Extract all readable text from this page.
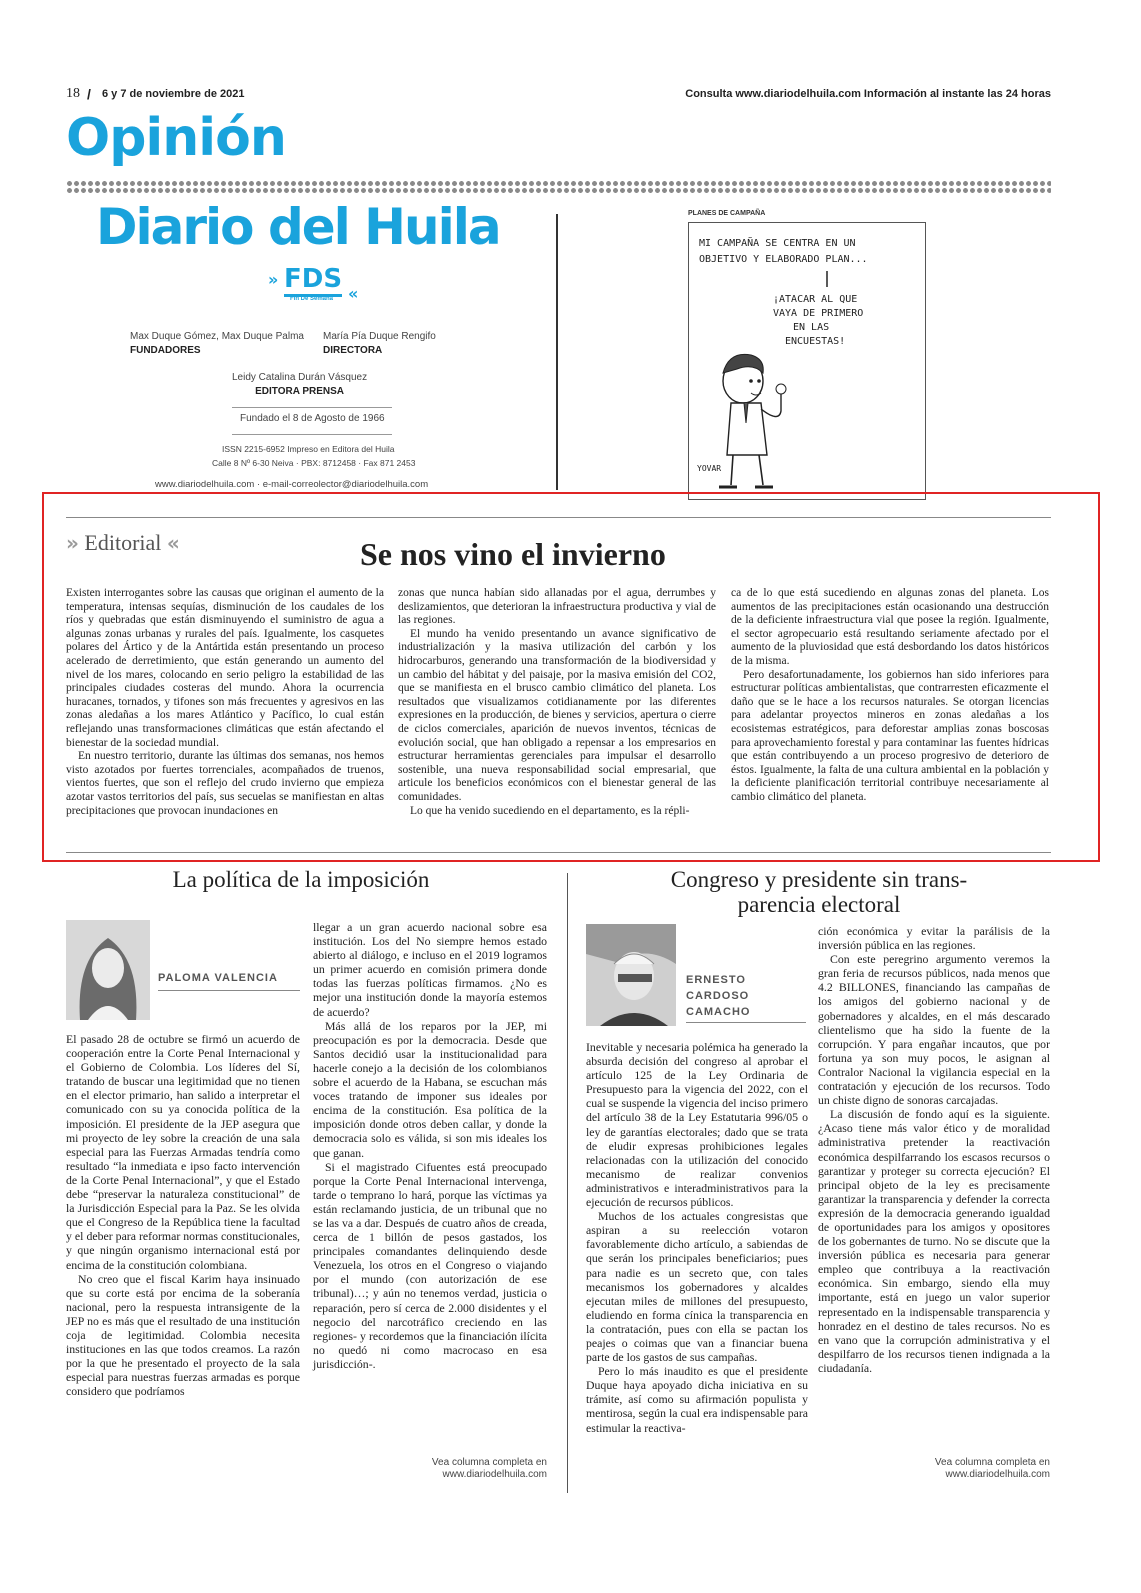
18 / 6 y 7 de noviembre de 2021	Consulta www.diariodelhuila.com Información al instante las 24 horas
Opinión
Diario del Huila
» FDS
Fin De Semana «
Max Duque Gómez, Max Duque Palma
FUNDADORES
María Pía Duque Rengifo
DIRECTORA
Leidy Catalina Durán Vásquez
EDITORA PRENSA
Fundado el 8 de Agosto de 1966
ISSN 2215-6952 Impreso en Editora del Huila
Calle 8 Nº 6-30 Neiva · PBX: 8712458 · Fax 871 2453
www.diariodelhuila.com · e-mail-correolector@diariodelhuila.com
PLANES DE CAMPAÑA
MI CAMPAÑA SE CENTRA EN UN
OBJETIVO Y ELABORADO PLAN...
¡ATACAR AL QUE
VAYA DE PRIMERO
EN LAS
ENCUESTAS!
YOVAR
» Editorial «	Se nos vino el invierno

Existen interrogantes sobre las causas que originan el aumento de la temperatura, intensas sequías, disminución de los caudales de los ríos y quebradas que están disminuyendo el suministro de agua a algunas zonas urbanas y rurales del país. Igualmente, los casquetes polares del Ártico y de la Antártida están presentando un proceso acelerado de derretimiento, que están generando un aumento del nivel de los mares, colocando en serio peligro la estabilidad de las principales ciudades costeras del mundo. Ahora la ocurrencia huracanes, tornados, y tifones son más frecuentes y agresivos en las zonas aledañas a los mares Atlántico y Pacífico, lo cual están reflejando unas transformaciones climáticas que están afectando el bienestar de la sociedad mundial.

En nuestro territorio, durante las últimas dos semanas, nos hemos visto azotados por fuertes torrenciales, acompañados de truenos, vientos fuertes, que son el reflejo del crudo invierno que empieza azotar vastos territorios del país, sus secuelas se manifiestan en altas precipitaciones que provocan inundaciones en

zonas que nunca habían sido allanadas por el agua, derrumbes y deslizamientos, que deterioran la infraestructura productiva y vial de las regiones.

El mundo ha venido presentando un avance significativo de industrialización y la masiva utilización del carbón y los hidrocarburos, generando una transformación de la biodiversidad y un cambio del hábitat y del paisaje, por la masiva emisión del CO2, que se manifiesta en el brusco cambio climático del planeta. Los resultados que visualizamos cotidianamente por las diferentes expresiones en la producción, de bienes y servicios, apertura o cierre de ciclos comerciales, aparición de nuevos inventos, técnicas de evolución social, que han obligado a repensar a los empresarios en estructurar herramientas gerenciales para impulsar el desarrollo sostenible, una nueva responsabilidad social empresarial, que articule los beneficios económicos con el bienestar general de las comunidades.

Lo que ha venido sucediendo en el departamento, es la répli-

ca de lo que está sucediendo en algunas zonas del planeta. Los aumentos de las precipitaciones están ocasionando una destrucción de la deficiente infraestructura vial que posee la región. Igualmente, el sector agropecuario está resultando seriamente afectado por el aumento de la pluviosidad que está desbordando los datos históricos de la misma.

Pero desafortunadamente, los gobiernos han sido inferiores para estructurar políticas ambientalistas, que contrarresten eficazmente el daño que se le hace a los recursos naturales. Se otorgan licencias para adelantar proyectos mineros en zonas aledañas a los ecosistemas estratégicos, para deforestar amplias zonas boscosas para aprovechamiento forestal y para contaminar las fuentes hídricas que están contribuyendo a un proceso progresivo de deterioro de éstos. Igualmente, la falta de una cultura ambiental en la población y la deficiente planificación territorial contribuye necesariamente al cambio climático del planeta.

La política de la imposición
PALOMA VALENCIA

El pasado 28 de octubre se firmó un acuerdo de cooperación entre la Corte Penal Internacional y el Gobierno de Colombia. Los líderes del Sí, tratando de buscar una legitimidad que no tienen en el elector primario, han salido a interpretar el comunicado con su ya conocida política de la imposición. El presidente de la JEP asegura que mi proyecto de ley sobre la creación de una sala especial para las Fuerzas Armadas tendría como resultado “la inmediata e ipso facto intervención de la Corte Penal Internacional”, y que el Estado debe “preservar la naturaleza constitucional” de la Jurisdicción Especial para la Paz. Se les olvida que el Congreso de la República tiene la facultad y el deber para reformar normas constitucionales, y que ningún organismo internacional está por encima de la constitución colombiana.

No creo que el fiscal Karim haya insinuado que su corte está por encima de la soberanía nacional, pero la respuesta intransigente de la JEP no es más que el resultado de una institución coja de legitimidad. Colombia necesita instituciones en las que todos creamos. La razón por la que he presentado el proyecto de la sala especial para nuestras fuerzas armadas es porque considero que podríamos

llegar a un gran acuerdo nacional sobre esa institución. Los del No siempre hemos estado abierto al diálogo, e incluso en el 2019 logramos un primer acuerdo en comisión primera donde todas las fuerzas políticas firmamos. ¿No es mejor una institución donde la mayoría estemos de acuerdo?

Más allá de los reparos por la JEP, mi preocupación es por la democracia. Desde que Santos decidió usar la institucionalidad para hacerle conejo a la decisión de los colombianos sobre el acuerdo de la Habana, se escuchan más voces tratando de imponer sus ideales por encima de la constitución. Esa política de la imposición donde otros deben callar, y donde la democracia solo es válida, si son mis ideales los que ganan.

Si el magistrado Cifuentes está preocupado porque la Corte Penal Internacional intervenga, tarde o temprano lo hará, porque las víctimas ya están reclamando justicia, de un tribunal que no se las va a dar. Después de cuatro años de creada, cerca de 1 billón de pesos gastados, los principales comandantes delinquiendo desde Venezuela, los otros en el Congreso o viajando por el mundo (con autorización de ese tribunal)…; y aún no tenemos verdad, justicia o reparación, pero sí cerca de 2.000 disidentes y el negocio del narcotráfico creciendo en las regiones- y recordemos que la financiación ilícita no quedó ni como macrocaso en esa jurisdicción-.

Vea columna completa en
www.diariodelhuila.com
Congreso y presidente sin trans-
parencia electoral
ERNESTO
CARDOSO
CAMACHO

Inevitable y necesaria polémica ha generado la absurda decisión del congreso al aprobar el artículo 125 de la Ley Ordinaria de Presupuesto para la vigencia del 2022, con el cual se suspende la vigencia del inciso primero del artículo 38 de la Ley Estatutaria 996/05 o ley de garantías electorales; dado que se trata de eludir expresas prohibiciones legales relacionadas con la utilización del conocido mecanismo de realizar convenios administrativos e interadministrativos para la ejecución de recursos públicos.

Muchos de los actuales congresistas que aspiran a su reelección votaron favorablemente dicho artículo, a sabiendas de que serán los principales beneficiarios; pues para nadie es un secreto que, con tales mecanismos los gobernadores y alcaldes ejecutan miles de millones del presupuesto, eludiendo en forma cínica la transparencia en la contratación, pues con ella se pactan los peajes o coimas que van a financiar buena parte de los gastos de sus campañas.

Pero lo más inaudito es que el presidente Duque haya apoyado dicha iniciativa en su trámite, así como su afirmación populista y mentirosa, según la cual era indispensable para estimular la reactiva-

ción económica y evitar la parálisis de la inversión pública en las regiones.

Con este peregrino argumento veremos la gran feria de recursos públicos, nada menos que 4.2 BILLONES, financiando las campañas de los amigos del gobierno nacional y de gobernadores y alcaldes, en el más descarado clientelismo que ha sido la fuente de la corrupción. Y para engañar incautos, que por fortuna ya son muy pocos, le asignan al Contralor Nacional la vigilancia especial en la contratación y ejecución de los recursos. Todo un chiste digno de sonoras carcajadas.

La discusión de fondo aquí es la siguiente. ¿Acaso tiene más valor ético y de moralidad administrativa pretender la reactivación económica despilfarrando los escasos recursos o garantizar y proteger su correcta ejecución? El principal objeto de la ley es precisamente garantizar la transparencia y defender la correcta expresión de la democracia generando igualdad de oportunidades para los amigos y opositores de los gobernantes de turno. No se discute que la inversión pública es necesaria para generar empleo que contribuya a la reactivación económica. Sin embargo, siendo ella muy importante, está en juego un valor superior representado en la indispensable transparencia y honradez en el destino de tales recursos. No es en vano que la corrupción administrativa y el despilfarro de los recursos tienen indignada a la ciudadanía.

Vea columna completa en
www.diariodelhuila.com
